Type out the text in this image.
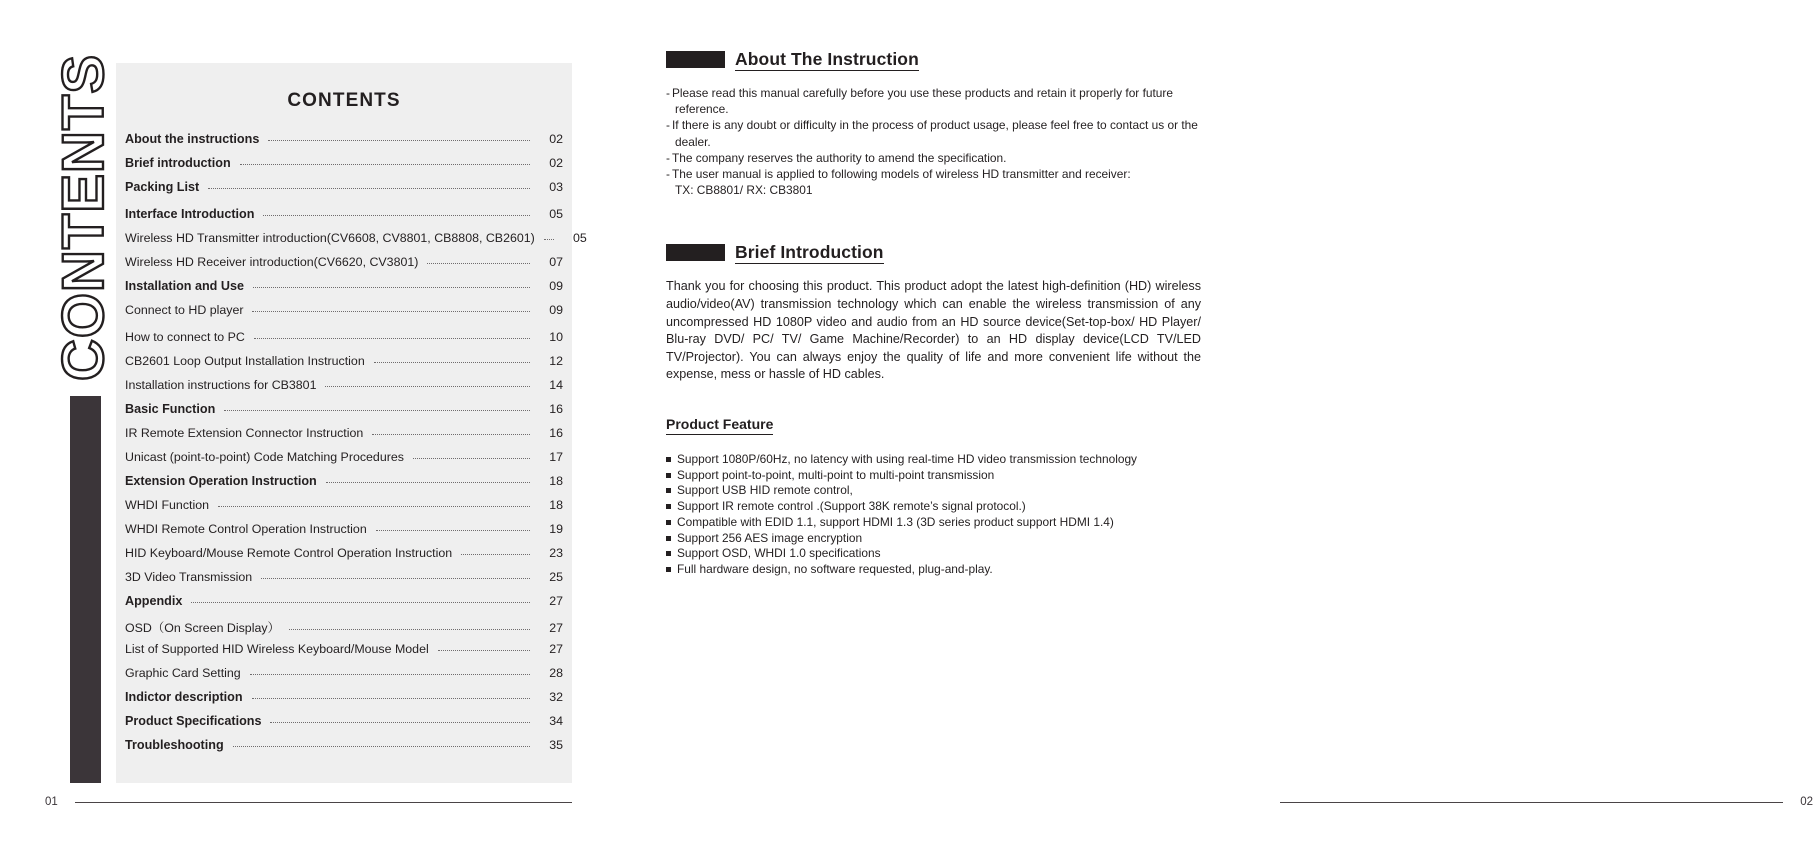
CONTENTS	CONTENTS
About the instructions	02
Brief introduction	02
Packing List	03
Interface Introduction	05
Wireless HD Transmitter introduction(CV6608, CV8801, CB8808, CB2601)	05
Wireless HD Receiver introduction(CV6620, CV3801)	07
Installation and Use	09
Connect to HD player	09
How to connect to PC	10
CB2601 Loop Output Installation Instruction	12
Installation instructions for CB3801	14
Basic Function	16
IR Remote Extension Connector Instruction	16
Unicast (point-to-point) Code Matching Procedures	17
Extension Operation Instruction	18
WHDI Function	18
WHDI Remote Control Operation Instruction	19
HID Keyboard/Mouse Remote Control Operation Instruction	23
3D Video Transmission	25
Appendix	27
OSD（On Screen Display）	27
List of Supported HID Wireless Keyboard/Mouse Model	27
Graphic Card Setting	28
Indictor description	32
Product Specifications	34
Troubleshooting	35
01
About The Instruction
- Please read this manual carefully before you use these products and retain it properly for future reference.
- If there is any doubt or difficulty in the process of product usage, please feel free to contact us or the dealer.
- The company reserves the authority to amend the specification.
- The user manual is applied to following models of wireless HD transmitter and receiver:
TX: CB8801/ RX: CB3801
Brief Introduction

Thank you for choosing this product. This product adopt the latest high-definition (HD) wireless audio/video(AV) transmission technology which can enable the wireless transmission of any uncompressed HD 1080P video and audio from an HD source device(Set-top-box/ HD Player/ Blu-ray DVD/ PC/ TV/ Game Machine/Recorder) to an HD display device(LCD TV/LED TV/Projector). You can always enjoy the quality of life and more convenient life without the expense, mess or hassle of HD cables.

Product Feature
Support 1080P/60Hz, no latency with using real-time HD video transmission technology
Support point-to-point, multi-point to multi-point transmission
Support USB HID remote control,
Support IR remote control .(Support 38K remote’s signal protocol.)
Compatible with EDID 1.1, support HDMI 1.3 (3D series product support HDMI 1.4)
Support 256 AES image encryption
Support OSD, WHDI 1.0 specifications
Full hardware design, no software requested, plug-and-play.
02
